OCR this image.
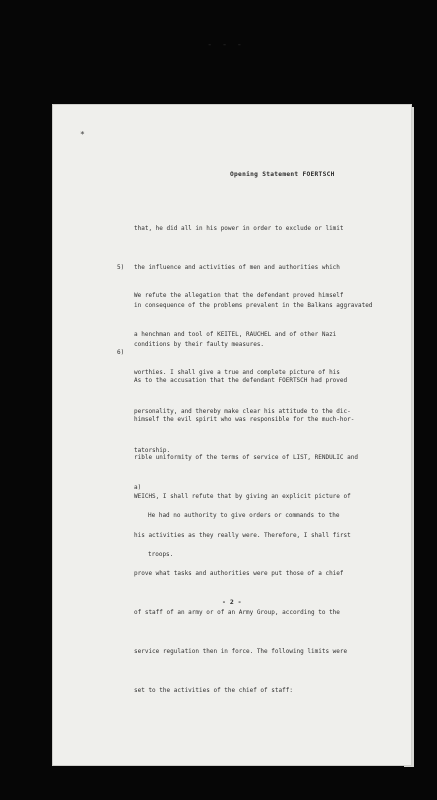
- - -
*
Opening Statement FOERTSCH

that, he did all in his power in order to exclude or limit

the influence and activities of men and authorities which

in consequence of the problems prevalent in the Balkans aggravated

conditions by their faulty measures.

5)

We refute the allegation that the defendant proved himself

a henchman and tool of KEITEL, RAUCHEL and of other Nazi

worthies. I shall give a true and complete picture of his

personality, and thereby make clear his attitude to the dic-

tatorship.

6)

As to the accusation that the defendant FOERTSCH had proved

himself the evil spirit who was responsible for the much-hor-

rible uniformity of the terms of service of LIST, RENDULIC and

WEICHS, I shall refute that by giving an explicit picture of

his activities as they really were. Therefore, I shall first

prove what tasks and authorities were put those of a chief

of staff of an army or of an Army Group, according to the

service regulation then in force. The following limits were

set to the activities of the chief of staff:

a)

He had no authority to give orders or commands to the

troops.

- 2 -
